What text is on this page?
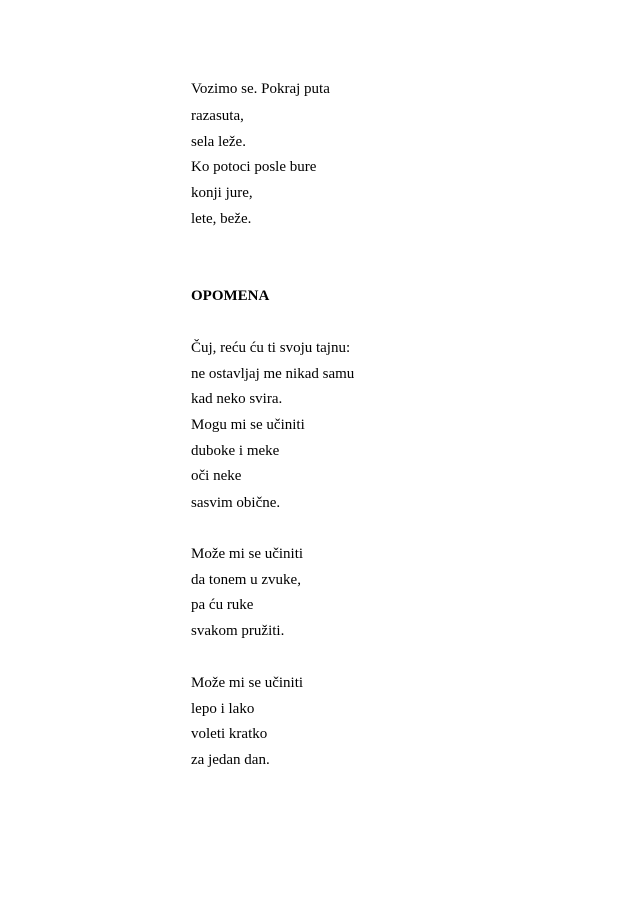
Vozimo se. Pokraj puta
razasuta,
sela leže.
Ko potoci posle bure
konji jure,
lete, beže.
OPOMENA
Čuj, reću ću ti svoju tajnu:
ne ostavljaj me nikad samu
kad neko svira.
Mogu mi se učiniti
duboke i meke
oči neke
sasvim obične.
Može mi se učiniti
da tonem u zvuke,
pa ću ruke
svakom pružiti.
Može mi se učiniti
lepo i lako
voleti kratko
za jedan dan.
